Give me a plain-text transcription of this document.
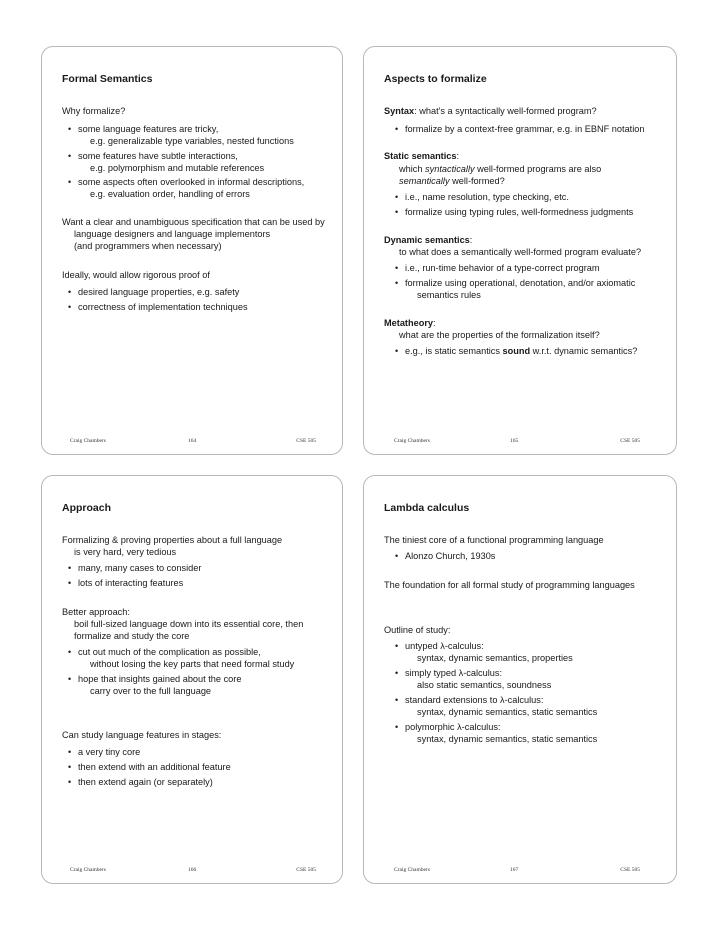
Formal Semantics
Why formalize?
• some language features are tricky,
e.g. generalizable type variables, nested functions
• some features have subtle interactions,
e.g. polymorphism and mutable references
• some aspects often overlooked in informal descriptions,
e.g. evaluation order, handling of errors
Want a clear and unambiguous specification that can be used by
language designers and language implementors
(and programmers when necessary)
Ideally, would allow rigorous proof of
• desired language properties, e.g. safety
• correctness of implementation techniques
Craig Chambers	164	CSE 505
Aspects to formalize
Syntax: what's a syntactically well-formed program?
• formalize by a context-free grammar, e.g. in EBNF notation
Static semantics:
which syntactically well-formed programs are also
semantically well-formed?
• i.e., name resolution, type checking, etc.
• formalize using typing rules, well-formedness judgments
Dynamic semantics:
to what does a semantically well-formed program evaluate?
• i.e., run-time behavior of a type-correct program
• formalize using operational, denotation, and/or axiomatic
semantics rules
Metatheory:
what are the properties of the formalization itself?
• e.g., is static semantics sound w.r.t. dynamic semantics?
Craig Chambers	165	CSE 505
Approach
Formalizing & proving properties about a full language
is very hard, very tedious
• many, many cases to consider
• lots of interacting features
Better approach:
boil full-sized language down into its essential core, then
formalize and study the core
• cut out much of the complication as possible,
without losing the key parts that need formal study
• hope that insights gained about the core
carry over to the full language
Can study language features in stages:
• a very tiny core
• then extend with an additional feature
• then extend again (or separately)
Craig Chambers	166	CSE 505
Lambda calculus
The tiniest core of a functional programming language
• Alonzo Church, 1930s
The foundation for all formal study of programming languages
Outline of study:
• untyped λ-calculus:
syntax, dynamic semantics, properties
• simply typed λ-calculus:
also static semantics, soundness
• standard extensions to λ-calculus:
syntax, dynamic semantics, static semantics
• polymorphic λ-calculus:
syntax, dynamic semantics, static semantics
Craig Chambers	167	CSE 505
